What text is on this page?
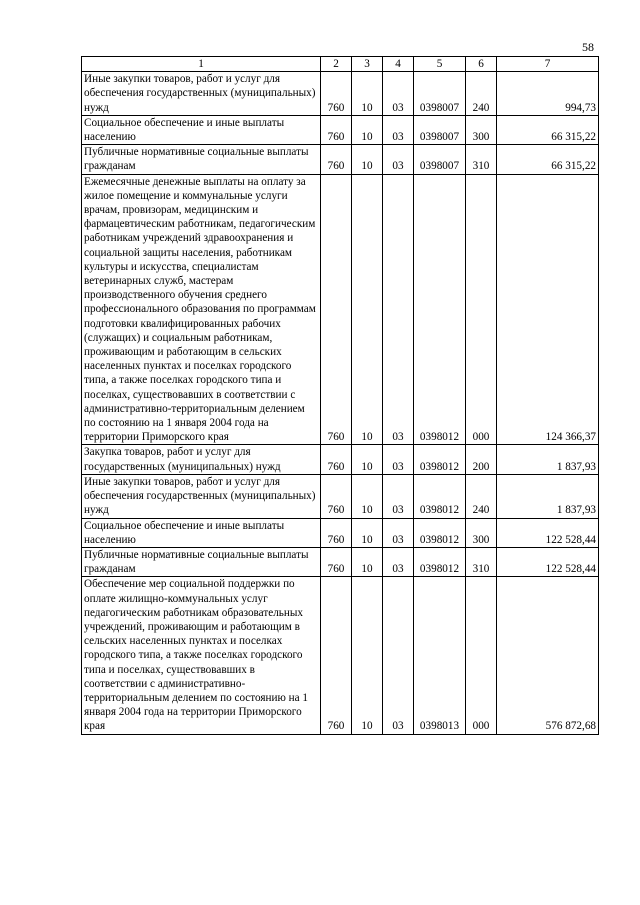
58
1	2	3	4	5	6	7
Иные закупки товаров, работ и услуг для обеспечения государственных (муниципальных) нужд	760	10	03	0398007	240	994,73
Социальное обеспечение и иные выплаты населению	760	10	03	0398007	300	66 315,22
Публичные нормативные социальные выплаты гражданам	760	10	03	0398007	310	66 315,22
Ежемесячные денежные выплаты на оплату за жилое помещение и коммунальные услуги врачам, провизорам, медицинским и фармацевтическим работникам, педагогическим работникам учреждений здравоохранения и социальной защиты населения, работникам культуры и искусства, специалистам ветеринарных служб, мастерам производственного обучения среднего профессионального образования по программам подготовки квалифицированных рабочих (служащих) и социальным работникам, проживающим и работающим в сельских населенных пунктах и поселках городского типа, а также поселках городского типа и поселках, существовавших в соответствии с административно-территориальным делением по состоянию на 1 января 2004 года на территории Приморского края	760	10	03	0398012	000	124 366,37
Закупка товаров, работ и услуг для государственных (муниципальных) нужд	760	10	03	0398012	200	1 837,93
Иные закупки товаров, работ и услуг для обеспечения государственных (муниципальных) нужд	760	10	03	0398012	240	1 837,93
Социальное обеспечение и иные выплаты населению	760	10	03	0398012	300	122 528,44
Публичные нормативные социальные выплаты гражданам	760	10	03	0398012	310	122 528,44
Обеспечение мер социальной поддержки по оплате жилищно-коммунальных услуг педагогическим работникам образовательных учреждений, проживающим и работающим в сельских населенных пунктах и поселках городского типа, а также поселках городского типа и поселках, существовавших в соответствии с административно-территориальным делением по состоянию на 1 января 2004 года на территории Приморского края	760	10	03	0398013	000	576 872,68
